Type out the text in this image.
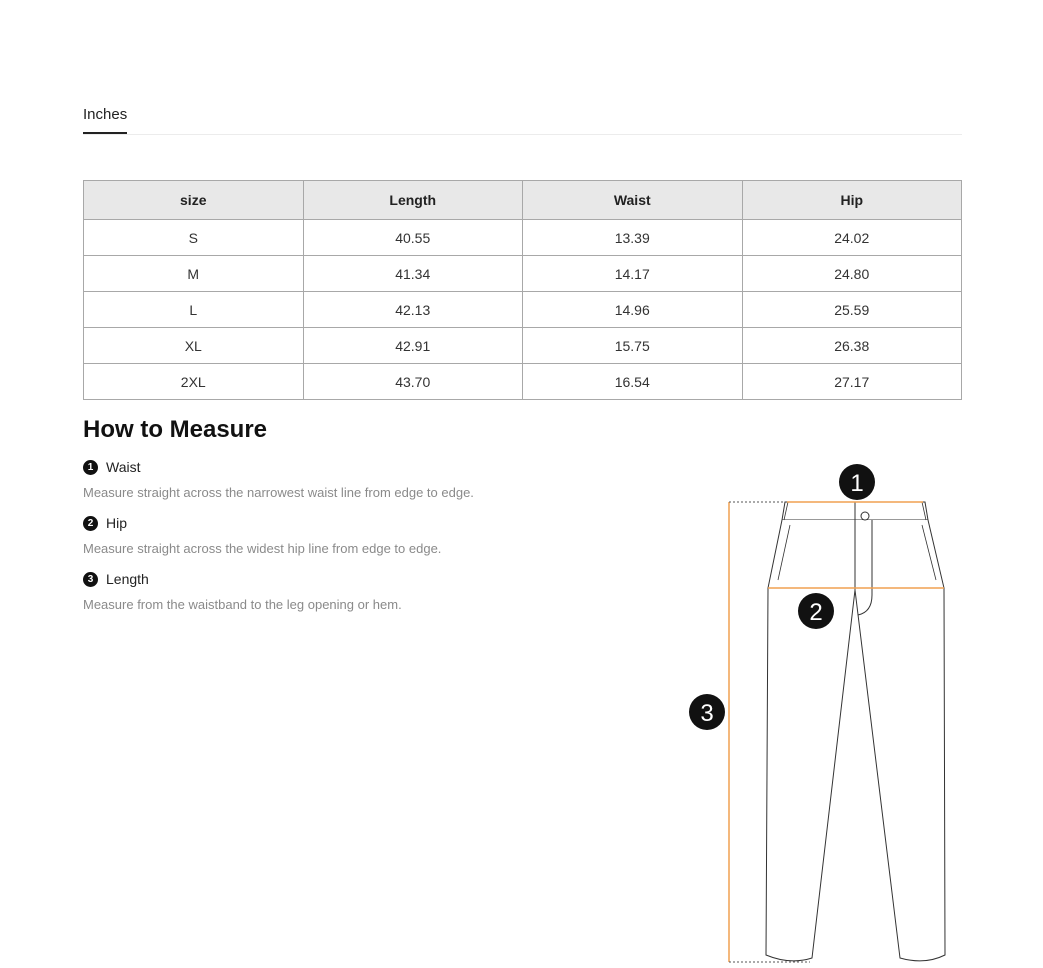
Inches
size	Length	Waist	Hip
S	40.55	13.39	24.02
M	41.34	14.17	24.80
L	42.13	14.96	25.59
XL	42.91	15.75	26.38
2XL	43.70	16.54	27.17
How to Measure
1 Waist
Measure straight across the narrowest waist line from edge to edge.
2 Hip
Measure straight across the widest hip line from edge to edge.
3 Length
Measure from the waistband to the leg opening or hem.
1
2
3
